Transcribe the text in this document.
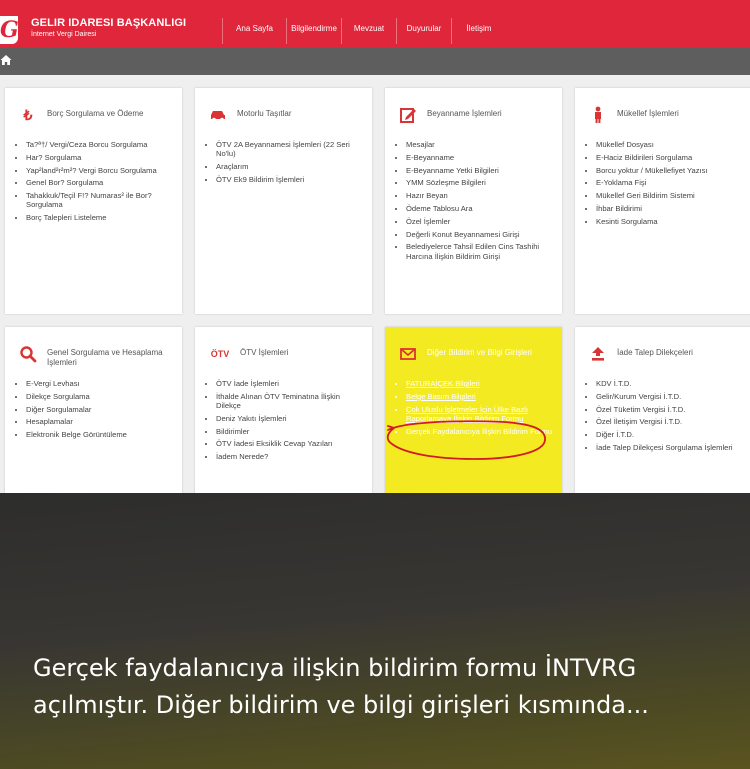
G GELIR IDARESI BAŞKANLIGI
İnternet Vergi Dairesi
Ana Sayfa	Bilgilendirme	Mevzuat	Duyurular	İletişim
₺	Borç Sorgulama ve Ödeme
• Ta?ª†/ Vergi/Ceza Borcu Sorgulama
• Har? Sorgulama
• Yap²land²r²m²? Vergi Borcu Sorgulama
• Genel Bor? Sorgulama
• Tahakkuk/Teçil F!? Numaras² ile Bor? Sorgulama
• Borç Talepleri Listeleme
Motorlu Taşıtlar
• ÖTV 2A Beyannamesi İşlemleri (22 Seri No'lu)
• Araçlarım
• ÖTV Ek9 Bildirim İşlemleri
Beyanname İşlemleri
• Mesajlar
• E-Beyanname
• E-Beyanname Yetki Bilgileri
• YMM Sözleşme Bilgileri
• Hazır Beyan
• Ödeme Tablosu Ara
• Özel İşlemler
• Değerli Konut Beyannamesi Girişi
• Belediyelerce Tahsil Edilen Cins Tashihi Harcına İlişkin Bildirim Girişi
Mükellef İşlemleri
• Mükellef Dosyası
• E-Haciz Bildirileri Sorgulama
• Borcu yoktur / Mükellefiyet Yazısı
• E-Yoklama Fişi
• Mükellef Geri Bildirim Sistemi
• İhbar Bildirimi
• Kesinti Sorgulama
Genel Sorgulama ve Hesaplama İşlemleri
• E-Vergi Levhası
• Dilekçe Sorgulama
• Diğer Sorgulamalar
• Hesaplamalar
• Elektronik Belge Görüntüleme
ÖTV ÖTV İşlemleri
• ÖTV İade İşlemleri
• İthalde Alınan ÖTV Teminatına İlişkin Dilekçe
• Deniz Yakıtı İşlemleri
• Bildirimler
• ÖTV İadesi Eksiklik Cevap Yazıları
• İadem Nerede?
Diğer Bildirim ve Bilgi Girişleri
• FATURAİÇEK Bilgileri
• Belge Basım Bilgileri
• Çok Uluslu İşletmeler İçin Ülke Bazlı Raporlamaya İlişkin Bildirim Formu
• Gerçek Faydalanıcıya İlişkin Bildirim Formu
İade Talep Dilekçeleri
• KDV İ.T.D.
• Gelir/Kurum Vergisi İ.T.D.
• Özel Tüketim Vergisi İ.T.D.
• Özel İletişim Vergisi İ.T.D.
• Diğer İ.T.D.
• İade Talep Dilekçesi Sorgulama İşlemleri
Gerçek faydalanıcıya ilişkin bildirim formu İNTVRG açılmıştır. Diğer bildirim ve bilgi girişleri kısmında...
